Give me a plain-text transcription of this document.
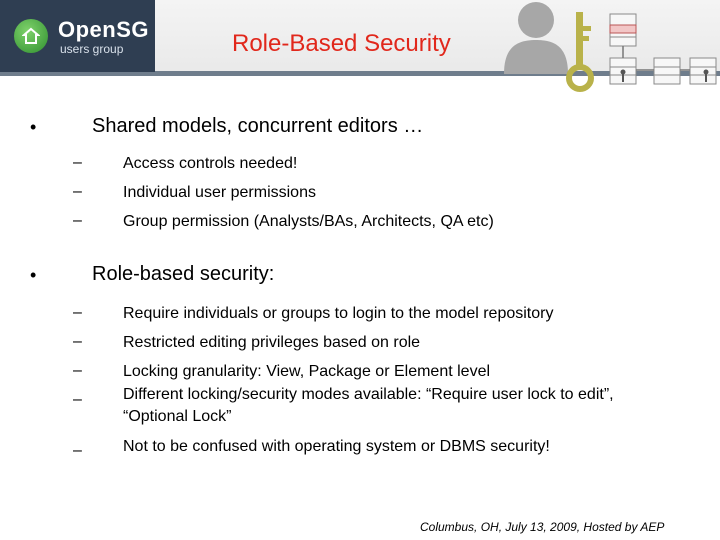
OpenSG
users group	Role-Based Security
•	Shared models, concurrent editors …
–	Access controls needed!
–	Individual user permissions
–	Group permission (Analysts/BAs, Architects, QA etc)
•	Role-based security:
–	Require individuals or groups to login to the model repository
–	Restricted editing privileges based on role
–	Locking granularity: View, Package or Element level
–	Different locking/security modes available: “Require user lock to edit”, “Optional Lock”
–	Not to be confused with operating system or DBMS security!
Columbus, OH, July 13, 2009, Hosted by AEP
